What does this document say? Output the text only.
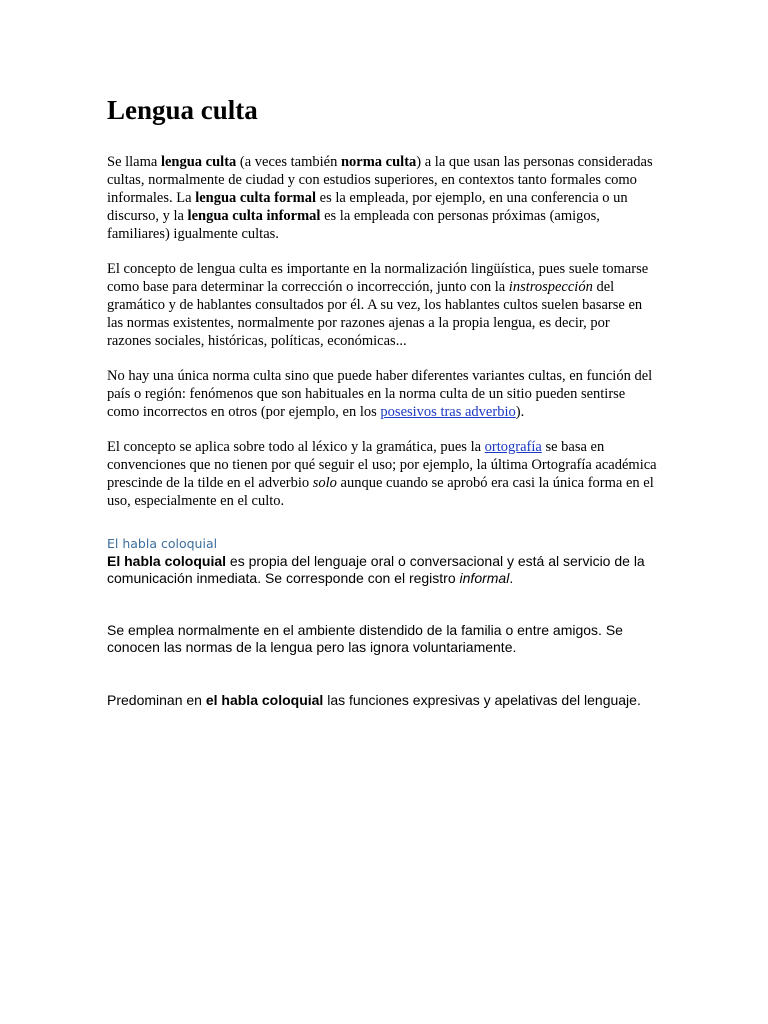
Lengua culta

Se llama lengua culta (a veces también norma culta) a la que usan las personas consideradas cultas, normalmente de ciudad y con estudios superiores, en contextos tanto formales como informales. La lengua culta formal es la empleada, por ejemplo, en una conferencia o un discurso, y la lengua culta informal es la empleada con personas próximas (amigos, familiares) igualmente cultas.

El concepto de lengua culta es importante en la normalización lingüística, pues suele tomarse como base para determinar la corrección o incorrección, junto con la instrospección del gramático y de hablantes consultados por él. A su vez, los hablantes cultos suelen basarse en las normas existentes, normalmente por razones ajenas a la propia lengua, es decir, por razones sociales, históricas, políticas, económicas...

No hay una única norma culta sino que puede haber diferentes variantes cultas, en función del país o región: fenómenos que son habituales en la norma culta de un sitio pueden sentirse como incorrectos en otros (por ejemplo, en los posesivos tras adverbio).

El concepto se aplica sobre todo al léxico y la gramática, pues la ortografía se basa en convenciones que no tienen por qué seguir el uso; por ejemplo, la última Ortografía académica prescinde de la tilde en el adverbio solo aunque cuando se aprobó era casi la única forma en el uso, especialmente en el culto.

El habla coloquial

El habla coloquial es propia del lenguaje oral o conversacional y está al servicio de la comunicación inmediata. Se corresponde con el registro informal.

Se emplea normalmente en el ambiente distendido de la familia o entre amigos. Se conocen las normas de la lengua pero las ignora voluntariamente.

Predominan en el habla coloquial las funciones expresivas y apelativas del lenguaje.
